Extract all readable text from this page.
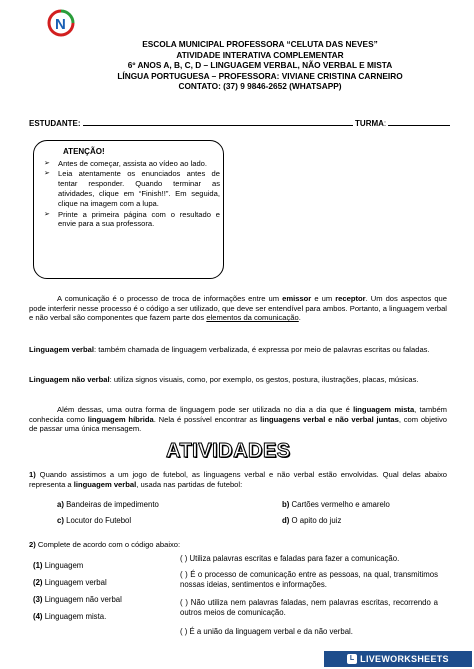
N
ESCOLA MUNICIPAL PROFESSORA “CELUTA DAS NEVES”
ATIVIDADE INTERATIVA COMPLEMENTAR
6º ANOS A, B, C, D – LINGUAGEM VERBAL, NÃO VERBAL E MISTA
LÍNGUA PORTUGUESA – PROFESSORA: VIVIANE CRISTINA CARNEIRO
CONTATO: (37) 9 9846-2652 (WHATSAPP)
ESTUDANTE:	TURMA:
ATENÇÃO!
➢ Antes de começar, assista ao vídeo ao lado.
➢ Leia atentamente os enunciados antes de tentar responder. Quando terminar as atividades, clique em “Finish!!”. Em seguida, clique na imagem com a lupa.
➢ Printe a primeira página com o resultado e envie para a sua professora.
A comunicação é o processo de troca de informações entre um emissor e um receptor. Um dos aspectos que pode interferir nesse processo é o código a ser utilizado, que deve ser entendível para ambos. Portanto, a linguagem verbal e não verbal são componentes que fazem parte dos elementos da comunicação.
Linguagem verbal: também chamada de linguagem verbalizada, é expressa por meio de palavras escritas ou faladas.
Linguagem não verbal: utiliza signos visuais, como, por exemplo, os gestos, postura, ilustrações, placas, músicas.
Além dessas, uma outra forma de linguagem pode ser utilizada no dia a dia que é linguagem mista, também conhecida como linguagem híbrida. Nela é possível encontrar as linguagens verbal e não verbal juntas, com objetivo de passar uma única mensagem.
ATIVIDADES
1) Quando assistimos a um jogo de futebol, as linguagens verbal e não verbal estão envolvidas. Qual delas abaixo representa a linguagem verbal, usada nas partidas de futebol:
a) Bandeiras de impedimento	b) Cartões vermelho e amarelo
c) Locutor do Futebol	d) O apito do juiz
2) Complete de acordo com o código abaixo:
(1) Linguagem
(2) Linguagem verbal
(3) Linguagem não verbal
(4) Linguagem mista.
( ) Utiliza palavras escritas e faladas para fazer a comunicação.
( ) É o processo de comunicação entre as pessoas, na qual, transmitimos nossas ideias, sentimentos e informações.
( ) Não utiliza nem palavras faladas, nem palavras escritas, recorrendo a outros meios de comunicação.
( ) É a união da linguagem verbal e da não verbal.
L LIVEWORKSHEETS
